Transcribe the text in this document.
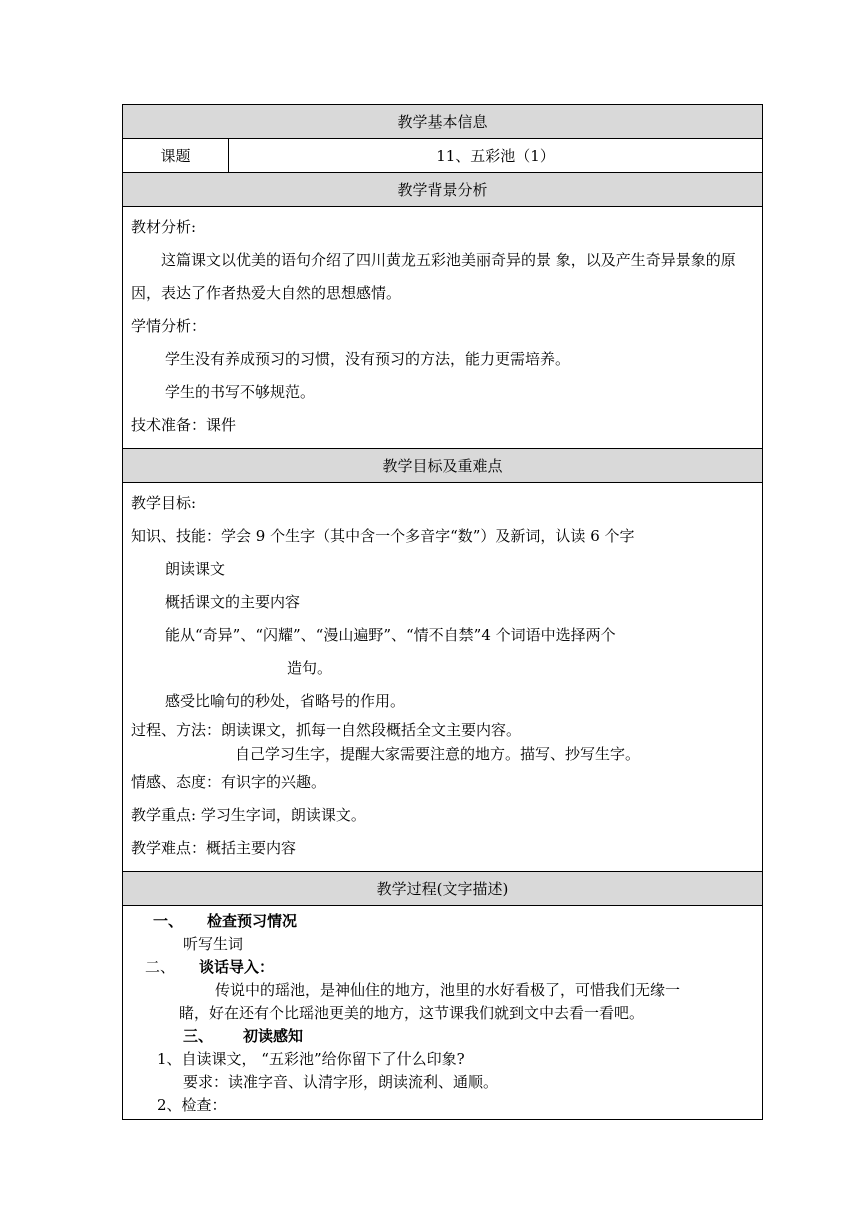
教学基本信息
课题	11、五彩池（1）
教学背景分析

教材分析:

这篇课文以优美的语句介绍了四川黄龙五彩池美丽奇异的景 象，以及产生奇异景象的原因，表达了作者热爱大自然的思想感情。

学情分析：

学生没有养成预习的习惯，没有预习的方法，能力更需培养。

学生的书写不够规范。

技术准备：课件

教学目标及重难点

教学目标:

知识、技能：学会 9 个生字（其中含一个多音字“数”）及新词，认读 6 个字

朗读课文

概括课文的主要内容

能从“奇异”、“闪耀”、“漫山遍野”、“情不自禁”4 个词语中选择两个

造句。

感受比喻句的秒处，省略号的作用。

过程、方法：朗读课文，抓每一自然段概括全文主要内容。

自己学习生字，提醒大家需要注意的地方。描写、抄写生字。

情感、态度：有识字的兴趣。

教学重点: 学习生字词，朗读课文。

教学难点：概括主要内容

教学过程(文字描述)

一、 检查预习情况

听写生词

二、 谈话导入：

传说中的瑶池，是神仙住的地方，池里的水好看极了，可惜我们无缘一

睹，好在还有个比瑶池更美的地方，这节课我们就到文中去看一看吧。

三、 初读感知

1、自读课文， “五彩池”给你留下了什么印象?

要求：读准字音、认清字形，朗读流利、通顺。

2、检查：
